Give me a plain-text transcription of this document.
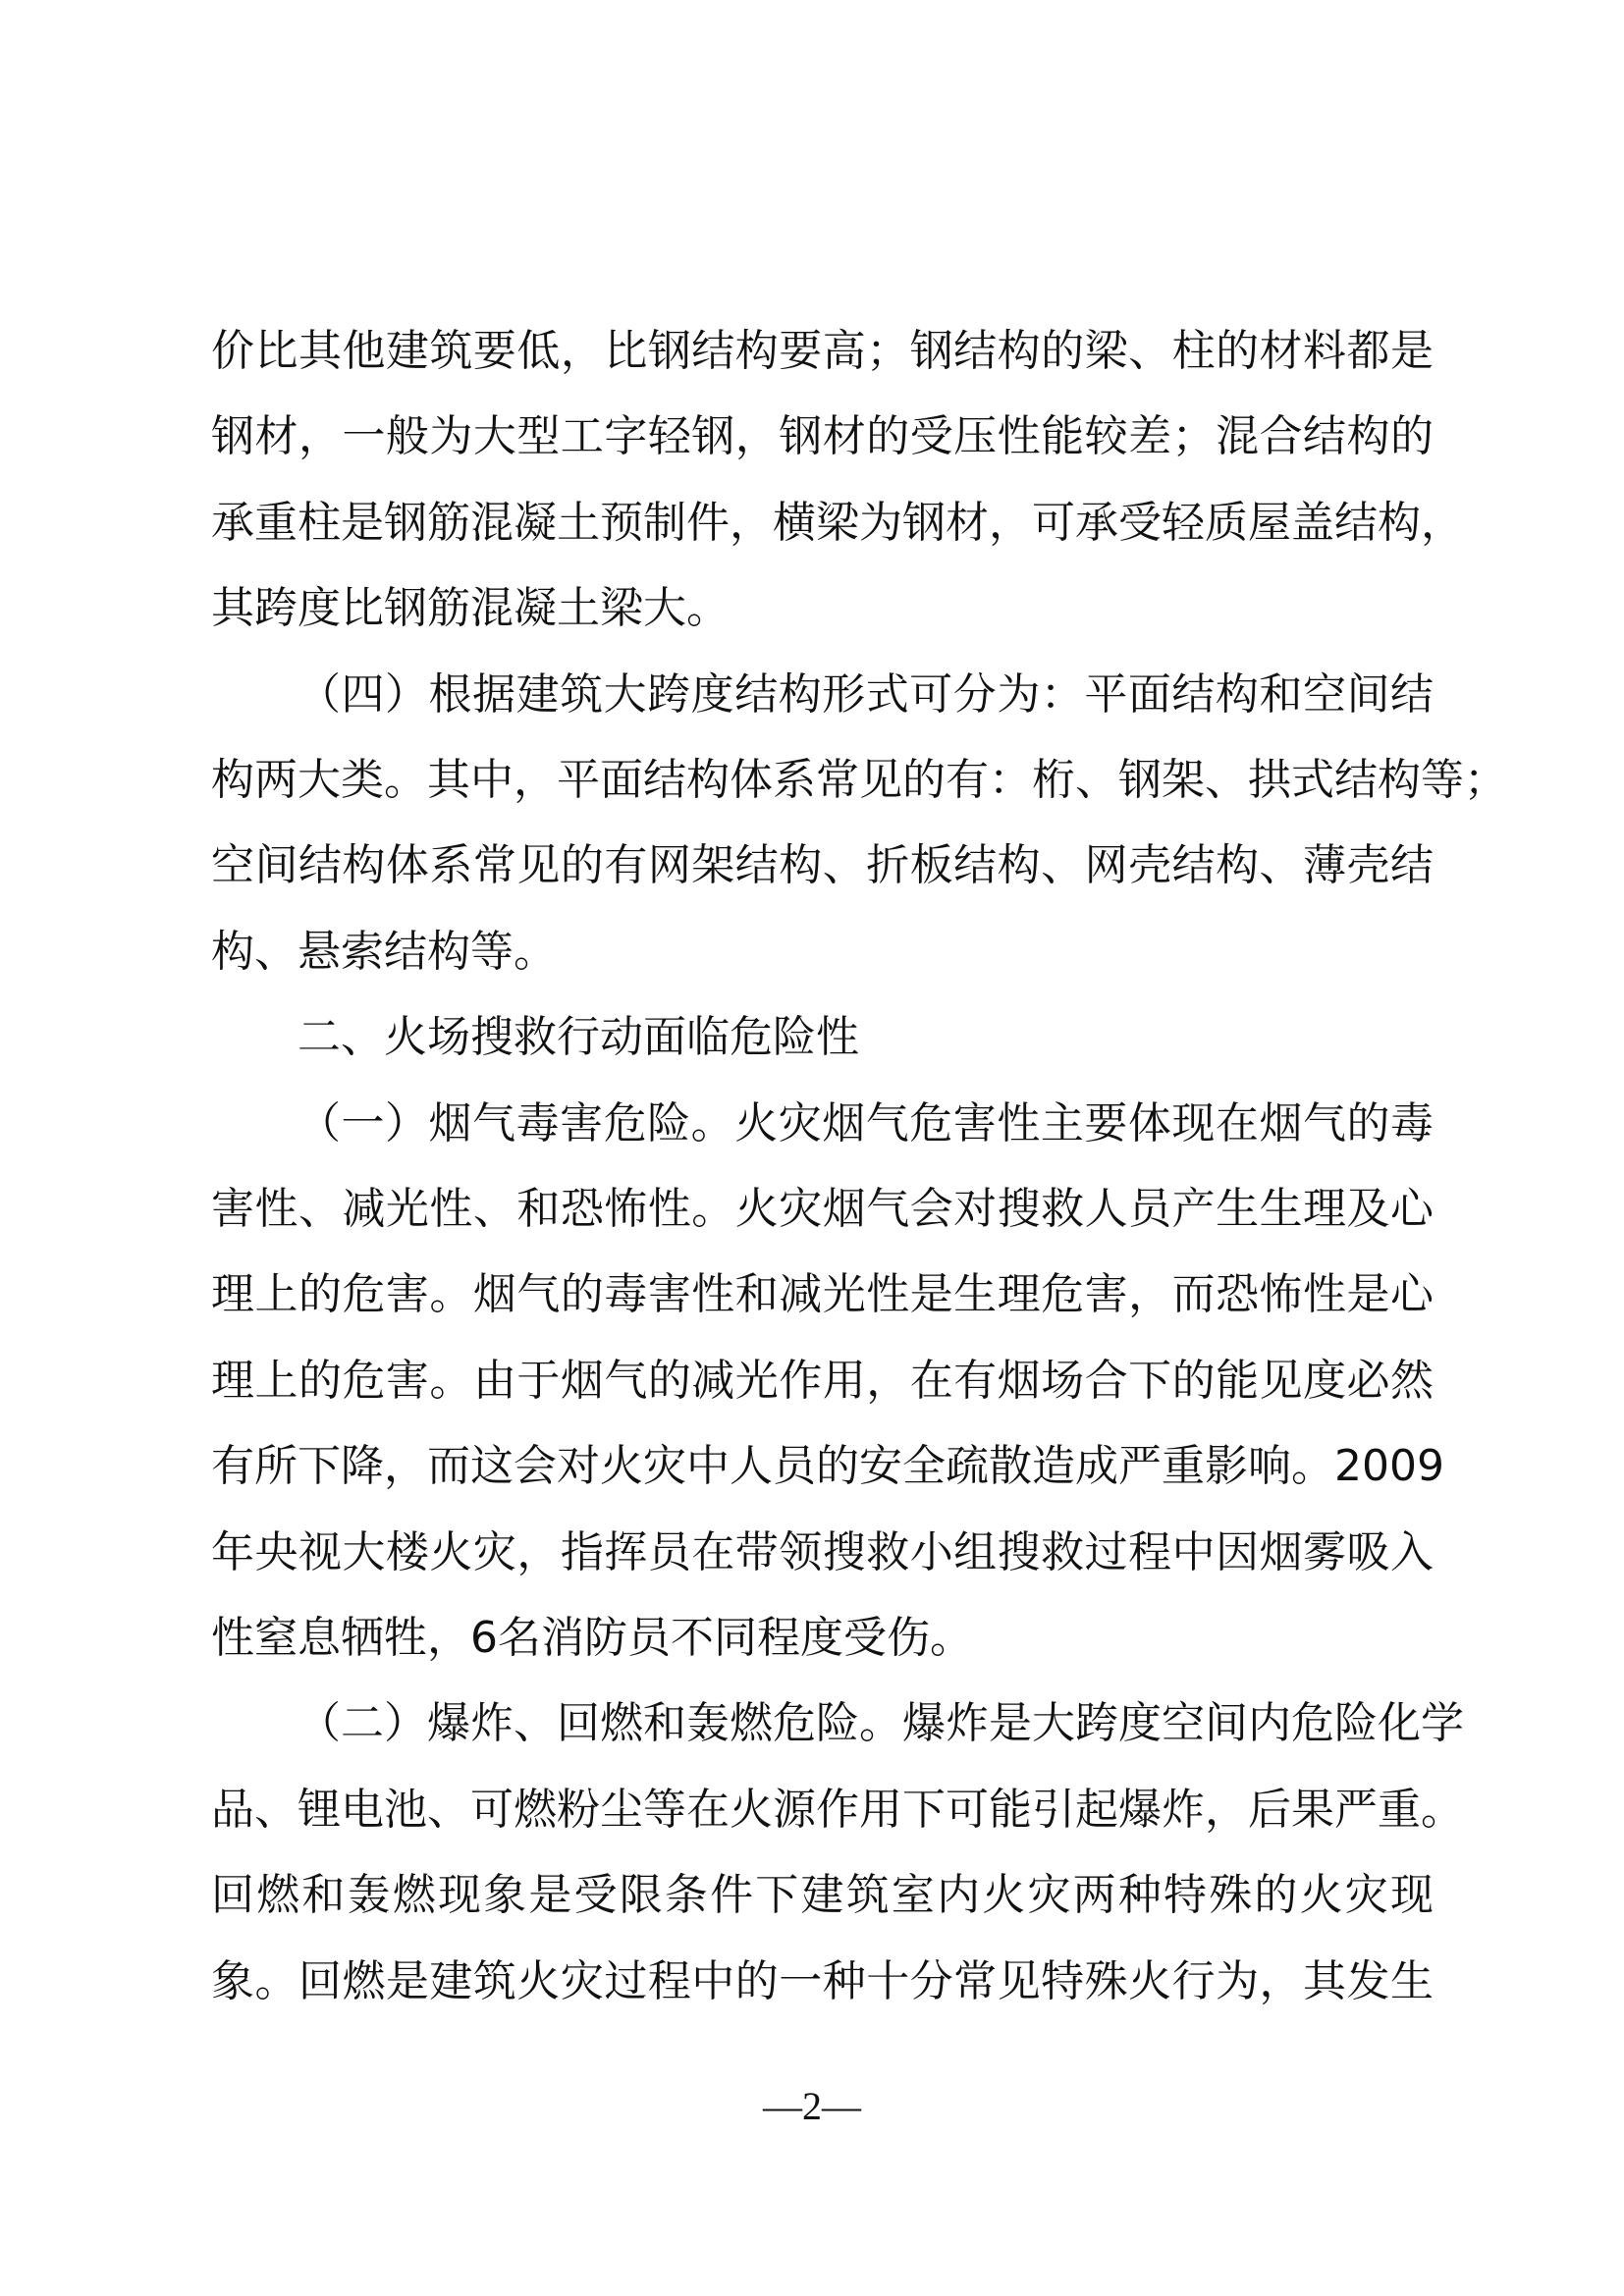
价比其他建筑要低，比钢结构要高；钢结构的梁、柱的材料都是
钢材，一般为大型工字轻钢，钢材的受压性能较差；混合结构的
承重柱是钢筋混凝土预制件，横梁为钢材，可承受轻质屋盖结构，
其跨度比钢筋混凝土梁大。
（四）根据建筑大跨度结构形式可分为：平面结构和空间结
构两大类。其中，平面结构体系常见的有：桁、钢架、拱式结构等；
空间结构体系常见的有网架结构、折板结构、网壳结构、薄壳结
构、悬索结构等。
二、火场搜救行动面临危险性
（一）烟气毒害危险。火灾烟气危害性主要体现在烟气的毒
害性、减光性、和恐怖性。火灾烟气会对搜救人员产生生理及心
理上的危害。烟气的毒害性和减光性是生理危害，而恐怖性是心
理上的危害。由于烟气的减光作用，在有烟场合下的能见度必然
有所下降，而这会对火灾中人员的安全疏散造成严重影响。2009
年央视大楼火灾，指挥员在带领搜救小组搜救过程中因烟雾吸入
性窒息牺牲，6名消防员不同程度受伤。
（二）爆炸、回燃和轰燃危险。爆炸是大跨度空间内危险化学
品、锂电池、可燃粉尘等在火源作用下可能引起爆炸，后果严重。
回燃和轰燃现象是受限条件下建筑室内火灾两种特殊的火灾现
象。回燃是建筑火灾过程中的一种十分常见特殊火行为，其发生
—2—
